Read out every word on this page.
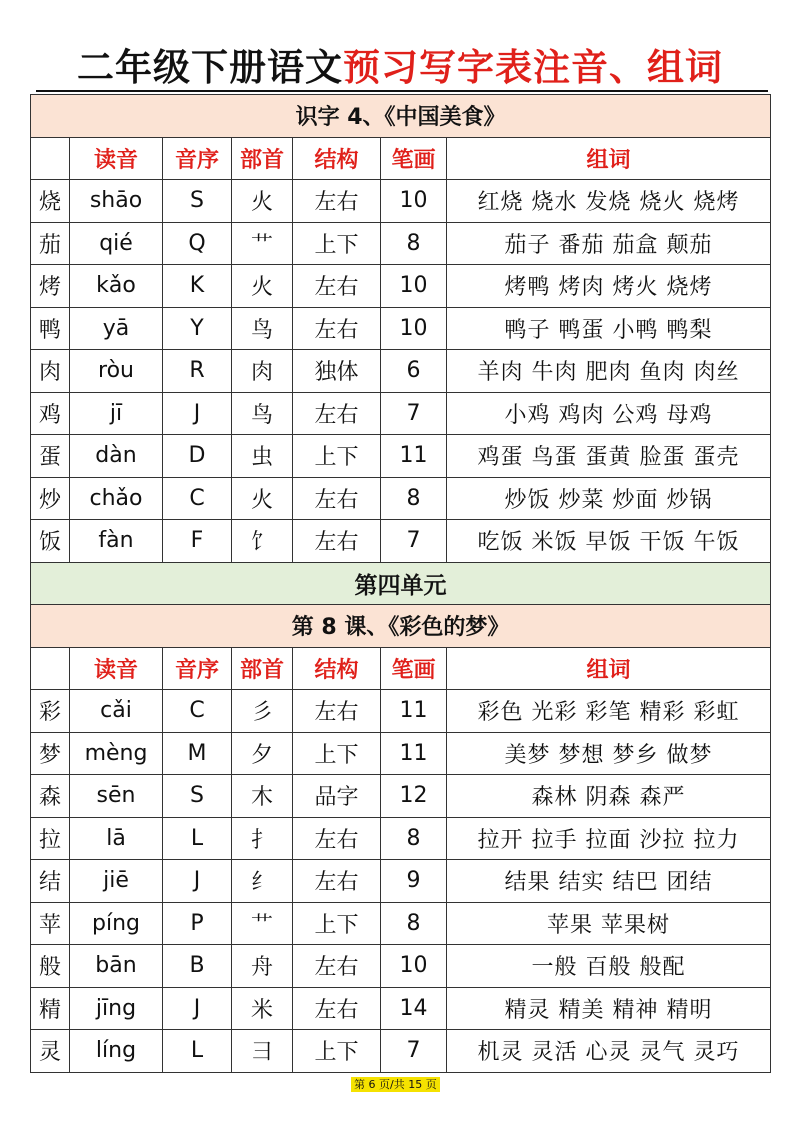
二年级下册语文预习写字表注音、组词
识字 4、《中国美食》						
	读音	音序	部首	结构	笔画	组词
烧	shāo	S	火	左右	10	红烧 烧水 发烧 烧火 烧烤
茄	qié	Q	艹	上下	8	茄子 番茄 茄盒 颠茄
烤	kǎo	K	火	左右	10	烤鸭 烤肉 烤火 烧烤
鸭	yā	Y	鸟	左右	10	鸭子 鸭蛋 小鸭 鸭梨
肉	ròu	R	肉	独体	6	羊肉 牛肉 肥肉 鱼肉 肉丝
鸡	jī	J	鸟	左右	7	小鸡 鸡肉 公鸡 母鸡
蛋	dàn	D	虫	上下	11	鸡蛋 鸟蛋 蛋黄 脸蛋 蛋壳
炒	chǎo	C	火	左右	8	炒饭 炒菜 炒面 炒锅
饭	fàn	F	饣	左右	7	吃饭 米饭 早饭 干饭 午饭
第四单元						
第 8 课、《彩色的梦》						
	读音	音序	部首	结构	笔画	组词
彩	cǎi	C	彡	左右	11	彩色 光彩 彩笔 精彩 彩虹
梦	mèng	M	夕	上下	11	美梦 梦想 梦乡 做梦
森	sēn	S	木	品字	12	森林 阴森 森严
拉	lā	L	扌	左右	8	拉开 拉手 拉面 沙拉 拉力
结	jiē	J	纟	左右	9	结果 结实 结巴 团结
苹	píng	P	艹	上下	8	苹果 苹果树
般	bān	B	舟	左右	10	一般 百般 般配
精	jīng	J	米	左右	14	精灵 精美 精神 精明
灵	líng	L	彐	上下	7	机灵 灵活 心灵 灵气 灵巧
第 6 页/共 15 页
